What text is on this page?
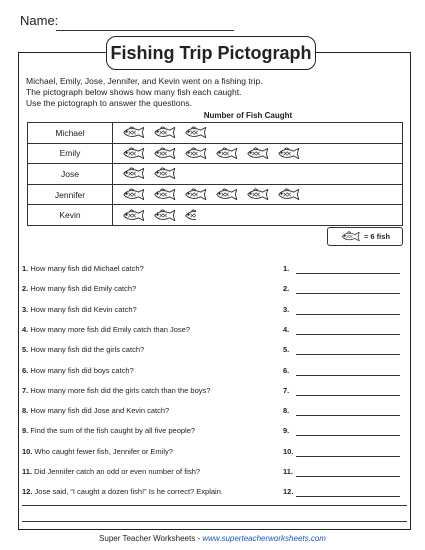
Name:
Fishing Trip Pictograph
Michael, Emily, Jose, Jennifer, and Kevin went on a fishing trip.
The pictograph below shows how many fish each caught.
Use the pictograph to answer the questions.
Number of Fish Caught
Michael	

Emily	

Jose	

Jennifer	

Kevin	
= 6 fish
1. How many fish did Michael catch?	1.
2. How many fish did Emily catch?	2.
3. How many fish did Kevin catch?	3.
4. How many more fish did Emily catch than Jose?	4.
5. How many fish did the girls catch?	5.
6. How many fish did boys catch?	6.
7. How many more fish did the girls catch than the boys?	7.
8. How many fish did Jose and Kevin catch?	8.
9. Find the sum of the fish caught by all five people?	9.
10. Who caught fewer fish, Jennifer or Emily?	10.
11. Did Jennifer catch an odd or even number of fish?	11.
12. Jose said, “I caught a dozen fish!” Is he correct? Explain.	12.
Super Teacher Worksheets - www.superteacherworksheets.com
